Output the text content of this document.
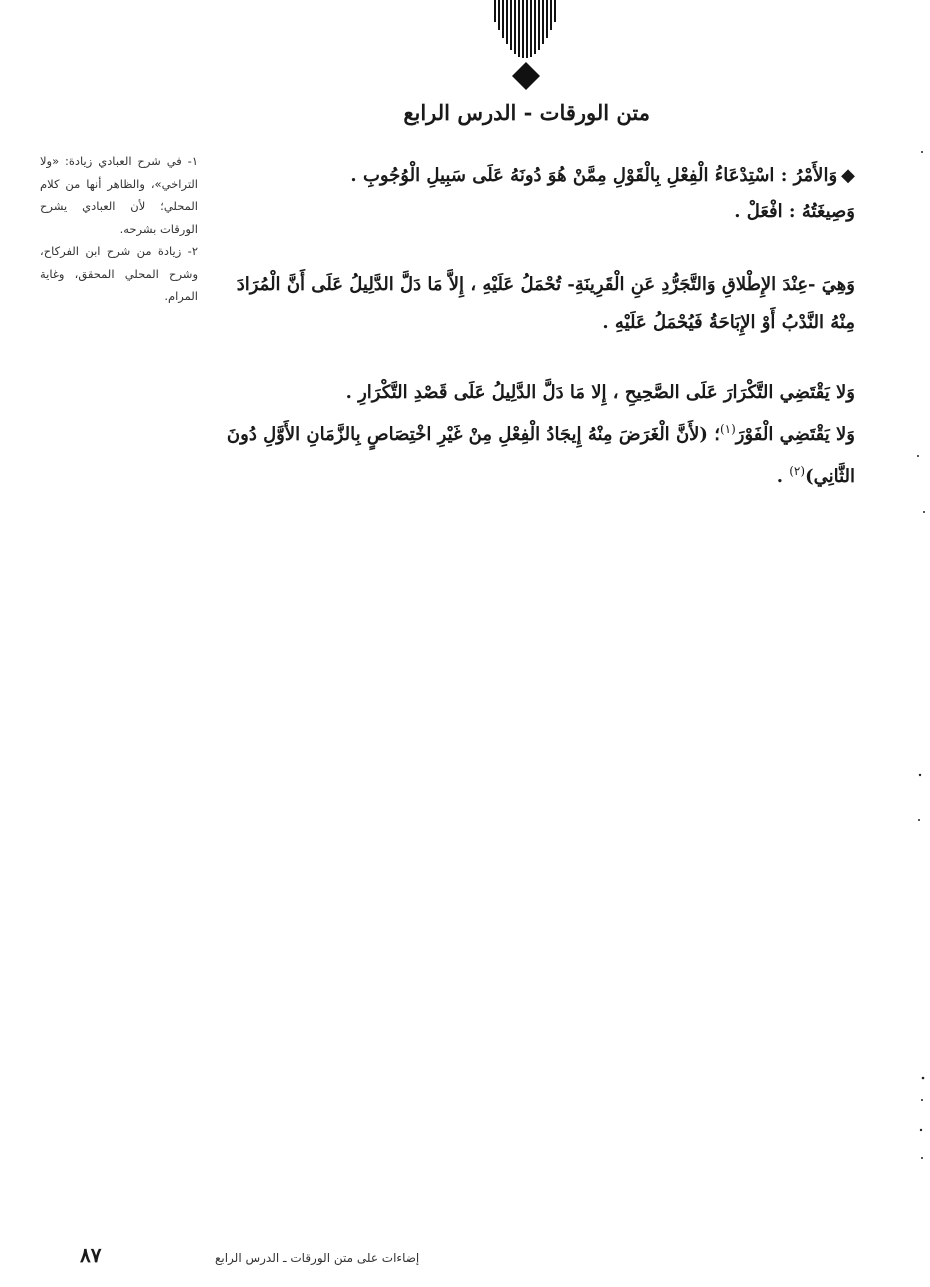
متن الورقات - الدرس الرابع
◆وَالأَمْرُ : اسْتِدْعَاءُ الْفِعْلِ بِالْقَوْلِ مِمَّنْ هُوَ دُونَهُ عَلَى سَبِيلِ الْوُجُوبِ .
وَصِيغَتُهُ : افْعَلْ .
وَهِيَ -عِنْدَ الإِطْلاقِ وَالتَّجَرُّدِ عَنِ الْقَرِينَةِ- تُحْمَلُ عَلَيْهِ ، إِلاَّ مَا دَلَّ الدَّلِيلُ عَلَى أَنَّ الْمُرَادَ
مِنْهُ النَّدْبُ أَوْ الإِبَاحَةُ فَيُحْمَلُ عَلَيْهِ .
وَلا يَقْتَضِي التَّكْرَارَ عَلَى الصَّحِيحِ ، إِلا مَا دَلَّ الدَّلِيلُ عَلَى قَصْدِ التَّكْرَارِ .
وَلا يَقْتَضِي الْفَوْرَ$^{(١)}$؛ (لأَنَّ الْغَرَضَ مِنْهُ إِيجَادُ الْفِعْلِ مِنْ غَيْرِ اخْتِصَاصٍ بِالزَّمَانِ الأَوَّلِ دُونَ
الثَّانِي)$^{(٢)}$ .

١- في شرح العبادي زيادة: «ولا التراخي»، والظاهر أنها من كلام المحلي؛ لأن العبادي يشرح الورقات بشرحه.

٢- زيادة من شرح ابن الفركاح، وشرح المحلي المحقق، وغاية المرام.

٨٧	إضاءات على متن الورقات ـ الدرس الرابع
